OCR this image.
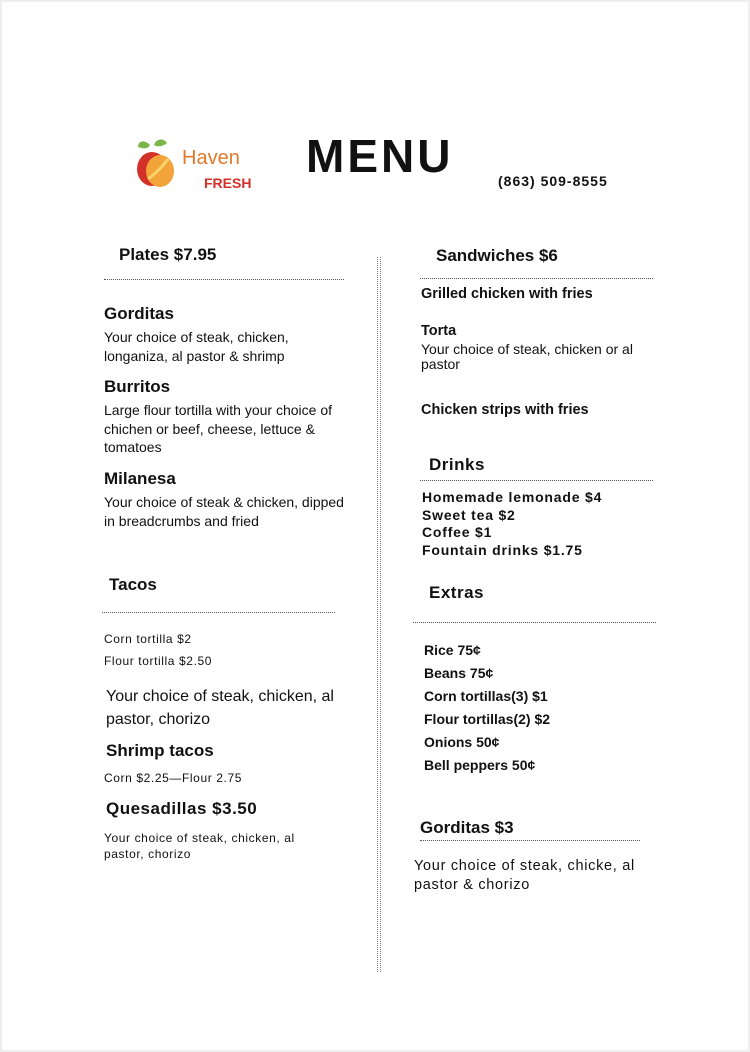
Haven
FRESH
MENU	(863) 509-8555
Plates $7.95
Gorditas
Your choice of steak, chicken, longaniza, al pastor & shrimp
Burritos
Large flour tortilla with your choice of chichen or beef, cheese, lettuce & tomatoes
Milanesa
Your choice of steak & chicken, dipped in breadcrumbs and fried
Tacos
Corn tortilla $2
Flour tortilla $2.50
Your choice of steak, chicken, al pastor, chorizo
Shrimp tacos
Corn $2.25—Flour 2.75
Quesadillas $3.50
Your choice of steak, chicken, al pastor, chorizo
Sandwiches $6
Grilled chicken with fries
Torta
Your choice of steak, chicken or al pastor
Chicken strips with fries
Drinks
Homemade lemonade $4
Sweet tea $2
Coffee $1
Fountain drinks $1.75
Extras
Rice 75¢
Beans 75¢
Corn tortillas(3) $1
Flour tortillas(2) $2
Onions 50¢
Bell peppers 50¢
Gorditas $3
Your choice of steak, chicke, al pastor & chorizo
